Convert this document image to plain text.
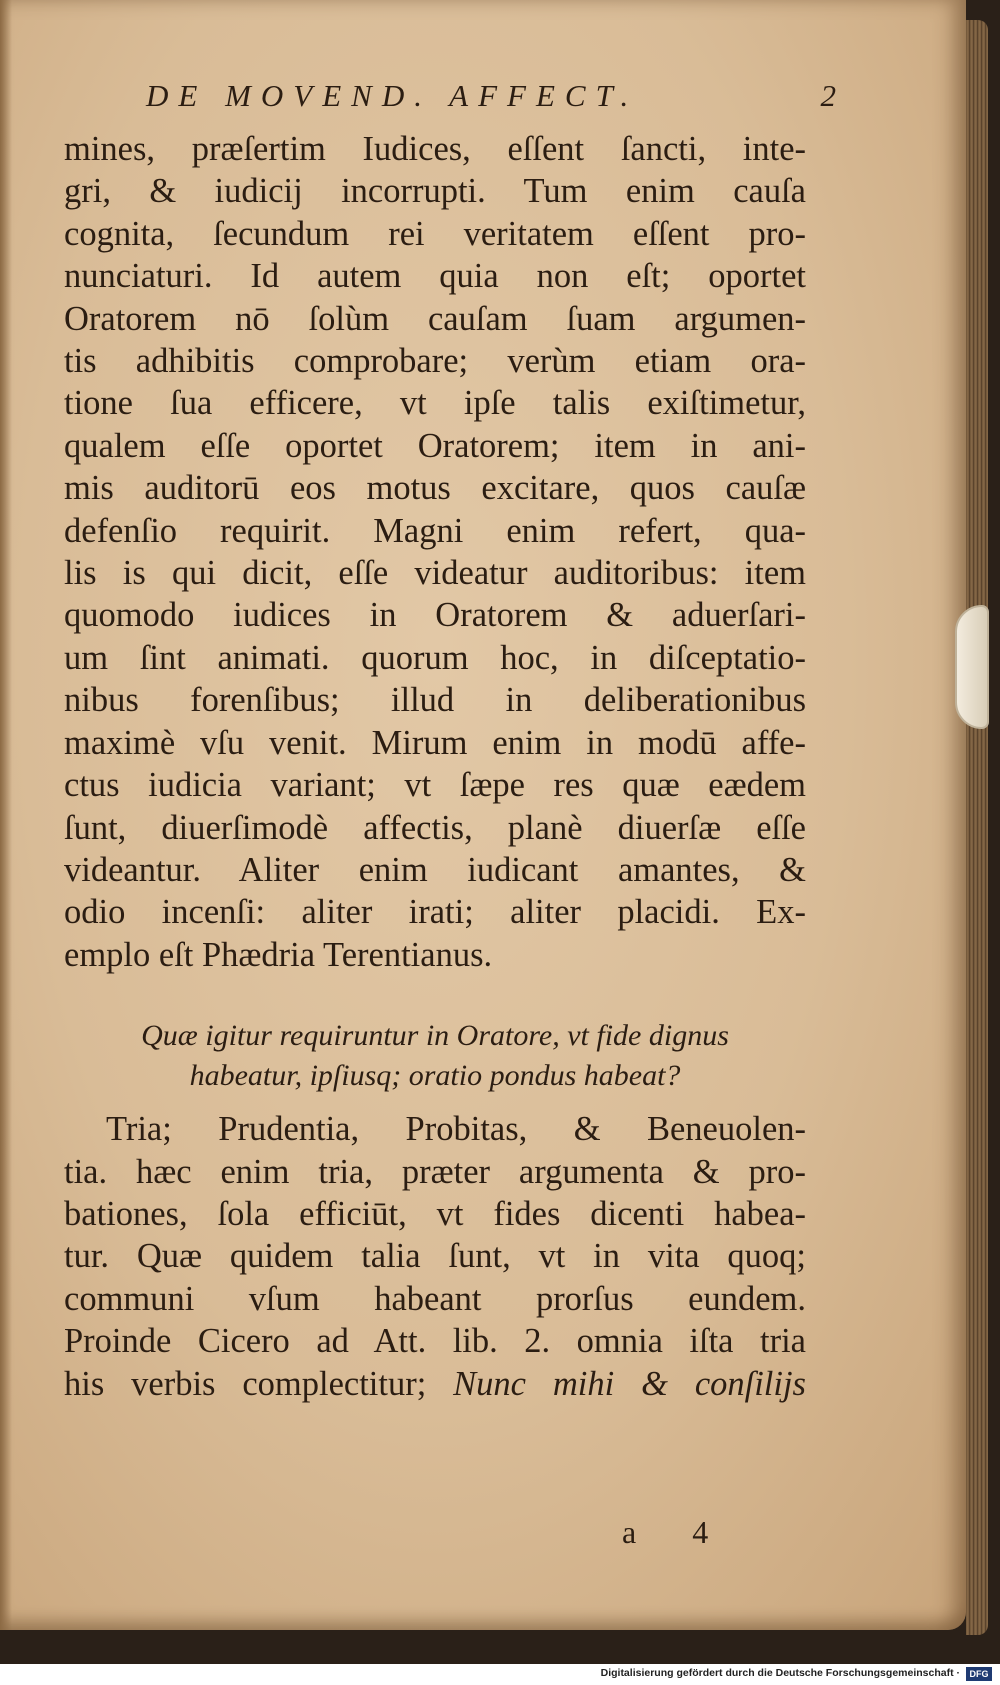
DE MOVEND. AFFECT.	2
mines, præſertim Iudices, eſſent ſancti, inte-
gri, & iudicij incorrupti. Tum enim cauſa
cognita, ſecundum rei veritatem eſſent pro-
nunciaturi. Id autem quia non eſt; oportet
Oratorem nō ſolùm cauſam ſuam argumen-
tis adhibitis comprobare; verùm etiam ora-
tione ſua efficere, vt ipſe talis exiſtimetur,
qualem eſſe oportet Oratorem; item in ani-
mis auditorū eos motus excitare, quos cauſæ
defenſio requirit. Magni enim refert, qua-
lis is qui dicit, eſſe videatur auditoribus: item
quomodo iudices in Oratorem & aduerſari-
um ſint animati. quorum hoc, in diſceptatio-
nibus forenſibus; illud in deliberationibus
maximè vſu venit. Mirum enim in modū affe-
ctus iudicia variant; vt ſæpe res quæ eædem
ſunt, diuerſimodè affectis, planè diuerſæ eſſe
videantur. Aliter enim iudicant amantes, &
odio incenſi: aliter irati; aliter placidi. Ex-
emplo eſt Phædria Terentianus.
Quæ igitur requiruntur in Oratore, vt fide dignus
habeatur, ipſiusq; oratio pondus habeat?
Tria; Prudentia, Probitas, & Beneuolen-
tia. hæc enim tria, præter argumenta & pro-
bationes, ſola efficiūt, vt fides dicenti habea-
tur. Quæ quidem talia ſunt, vt in vita quoq;
communi vſum habeant prorſus eundem.
Proinde Cicero ad Att. lib. 2. omnia iſta tria
his verbis complectitur; Nunc mihi & conſilijs
a 4
Digitalisierung gefördert durch die Deutsche Forschungsgemeinschaft ·	DFG
